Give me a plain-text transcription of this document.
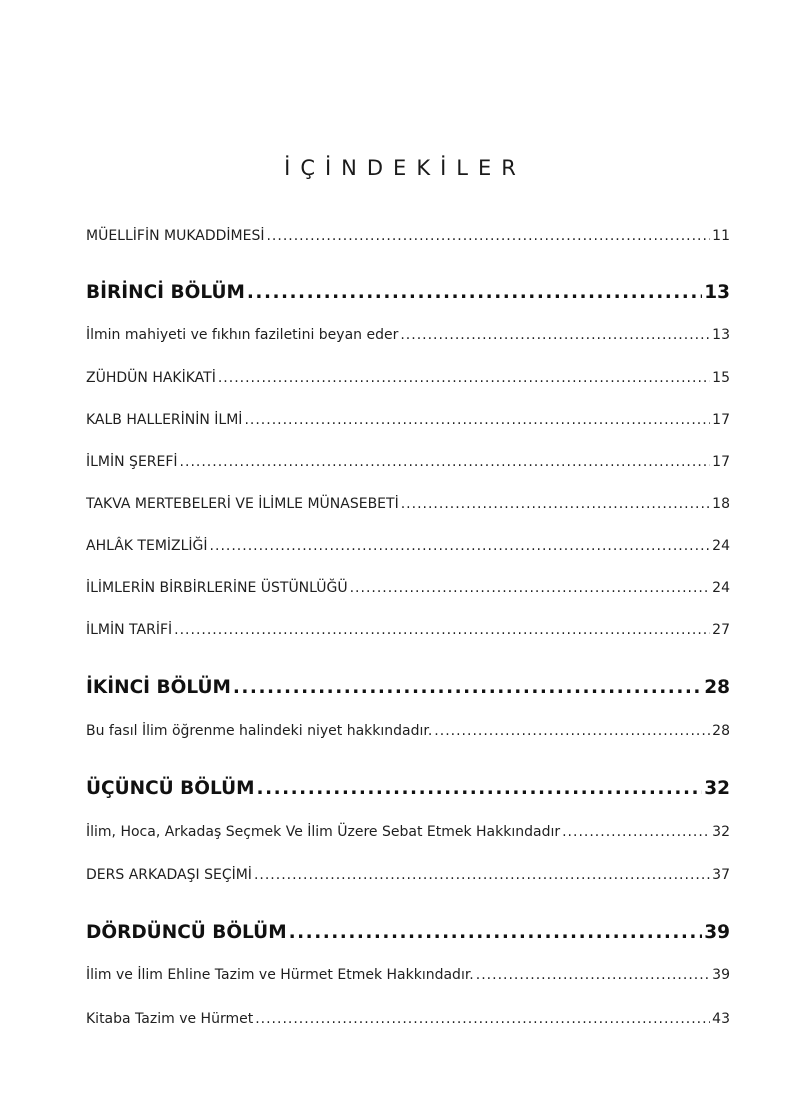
İÇİNDEKİLER
MÜELLİFİN MUKADDİMESİ .....	11
BİRİNCİ BÖLÜM .....	13
İlmin mahiyeti ve fıkhın faziletini beyan eder .....	13
ZÜHDÜN HAKİKATİ .....	15
KALB HALLERİNİN İLMİ .....	17
İLMİN ŞEREFİ .....	17
TAKVA MERTEBELERİ VE İLİMLE MÜNASEBETİ .....	18
AHLÂK TEMİZLİĞİ .....	24
İLİMLERİN BİRBİRLERİNE ÜSTÜNLÜĞÜ .....	24
İLMİN TARİFİ .....	27
İKİNCİ BÖLÜM .....	28
Bu fasıl İlim öğrenme halindeki niyet hakkındadır. .....	28
ÜÇÜNCÜ BÖLÜM .....	32
İlim, Hoca, Arkadaş Seçmek Ve İlim Üzere Sebat Etmek Hakkındadır .....	32
DERS ARKADAŞI SEÇİMİ .....	37
DÖRDÜNCÜ BÖLÜM .....	39
İlim ve İlim Ehline Tazim ve Hürmet Etmek Hakkındadır. .....	39
Kitaba Tazim ve Hürmet .....	43
